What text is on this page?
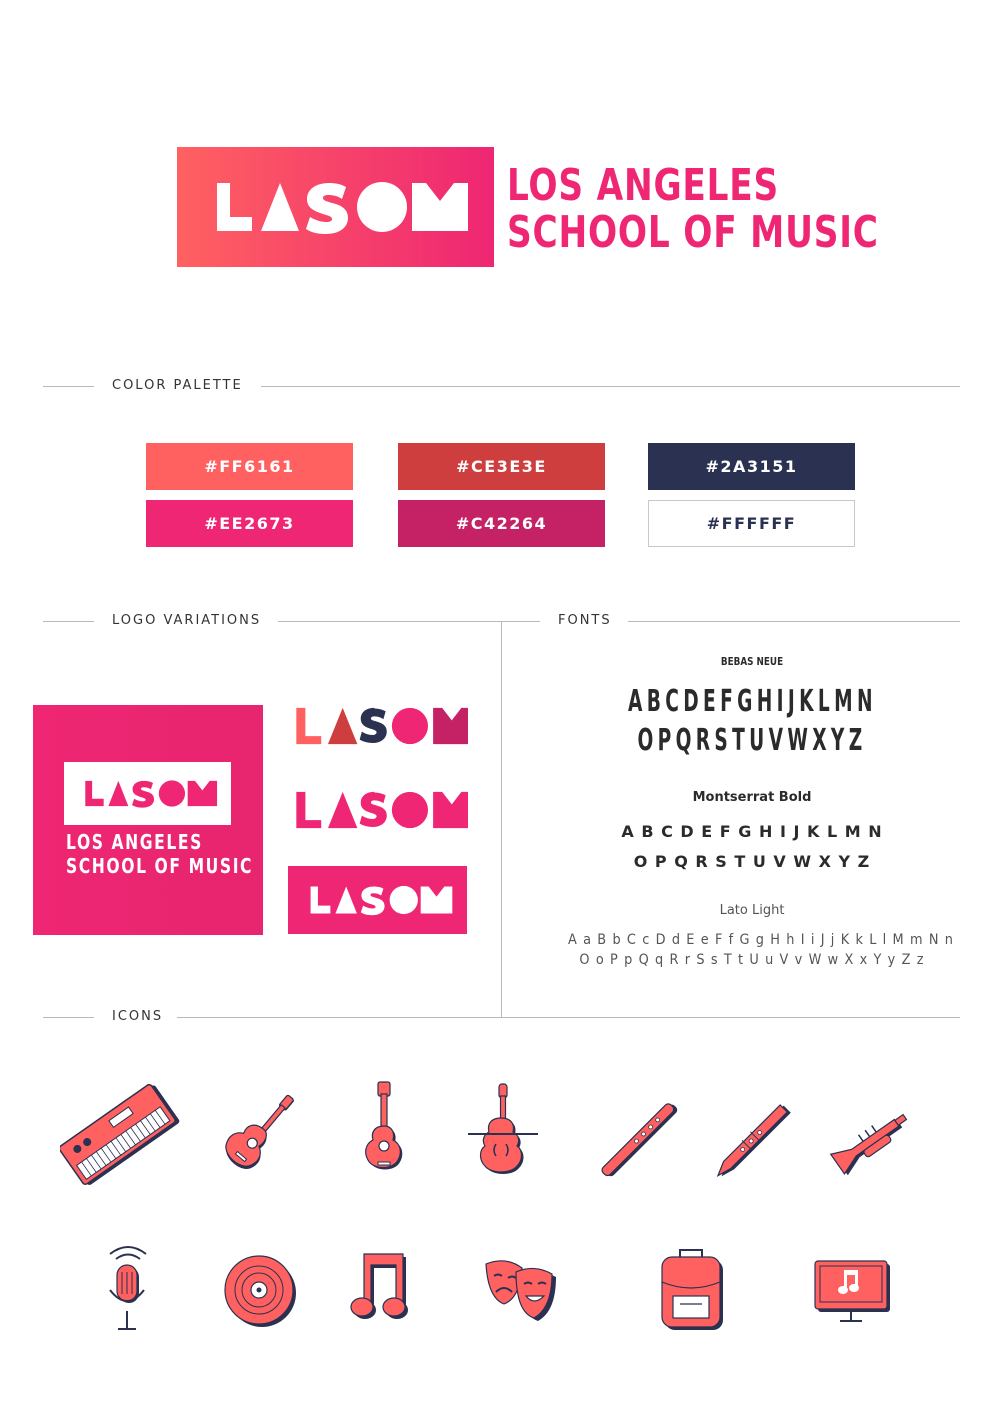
LOS ANGELES
SCHOOL OF MUSIC
COLOR PALETTE
#FF6161	#CE3E3E	#2A3151
#EE2673	#C42264	#FFFFFF
LOGO VARIATIONS	FONTS
LOS ANGELES
SCHOOL OF MUSIC
BEBAS NEUE
ABCDEFGHIJKLMN
OPQRSTUVWXYZ
Montserrat Bold
A B C D E F G H I J K L M N
O P Q R S T U V W X Y Z
Lato Light
A a B b C c D d E e F f G g H h I i J j K k L l M m N n
O o P p Q q R r S s T t U u V v W w X x Y y Z z
ICONS
